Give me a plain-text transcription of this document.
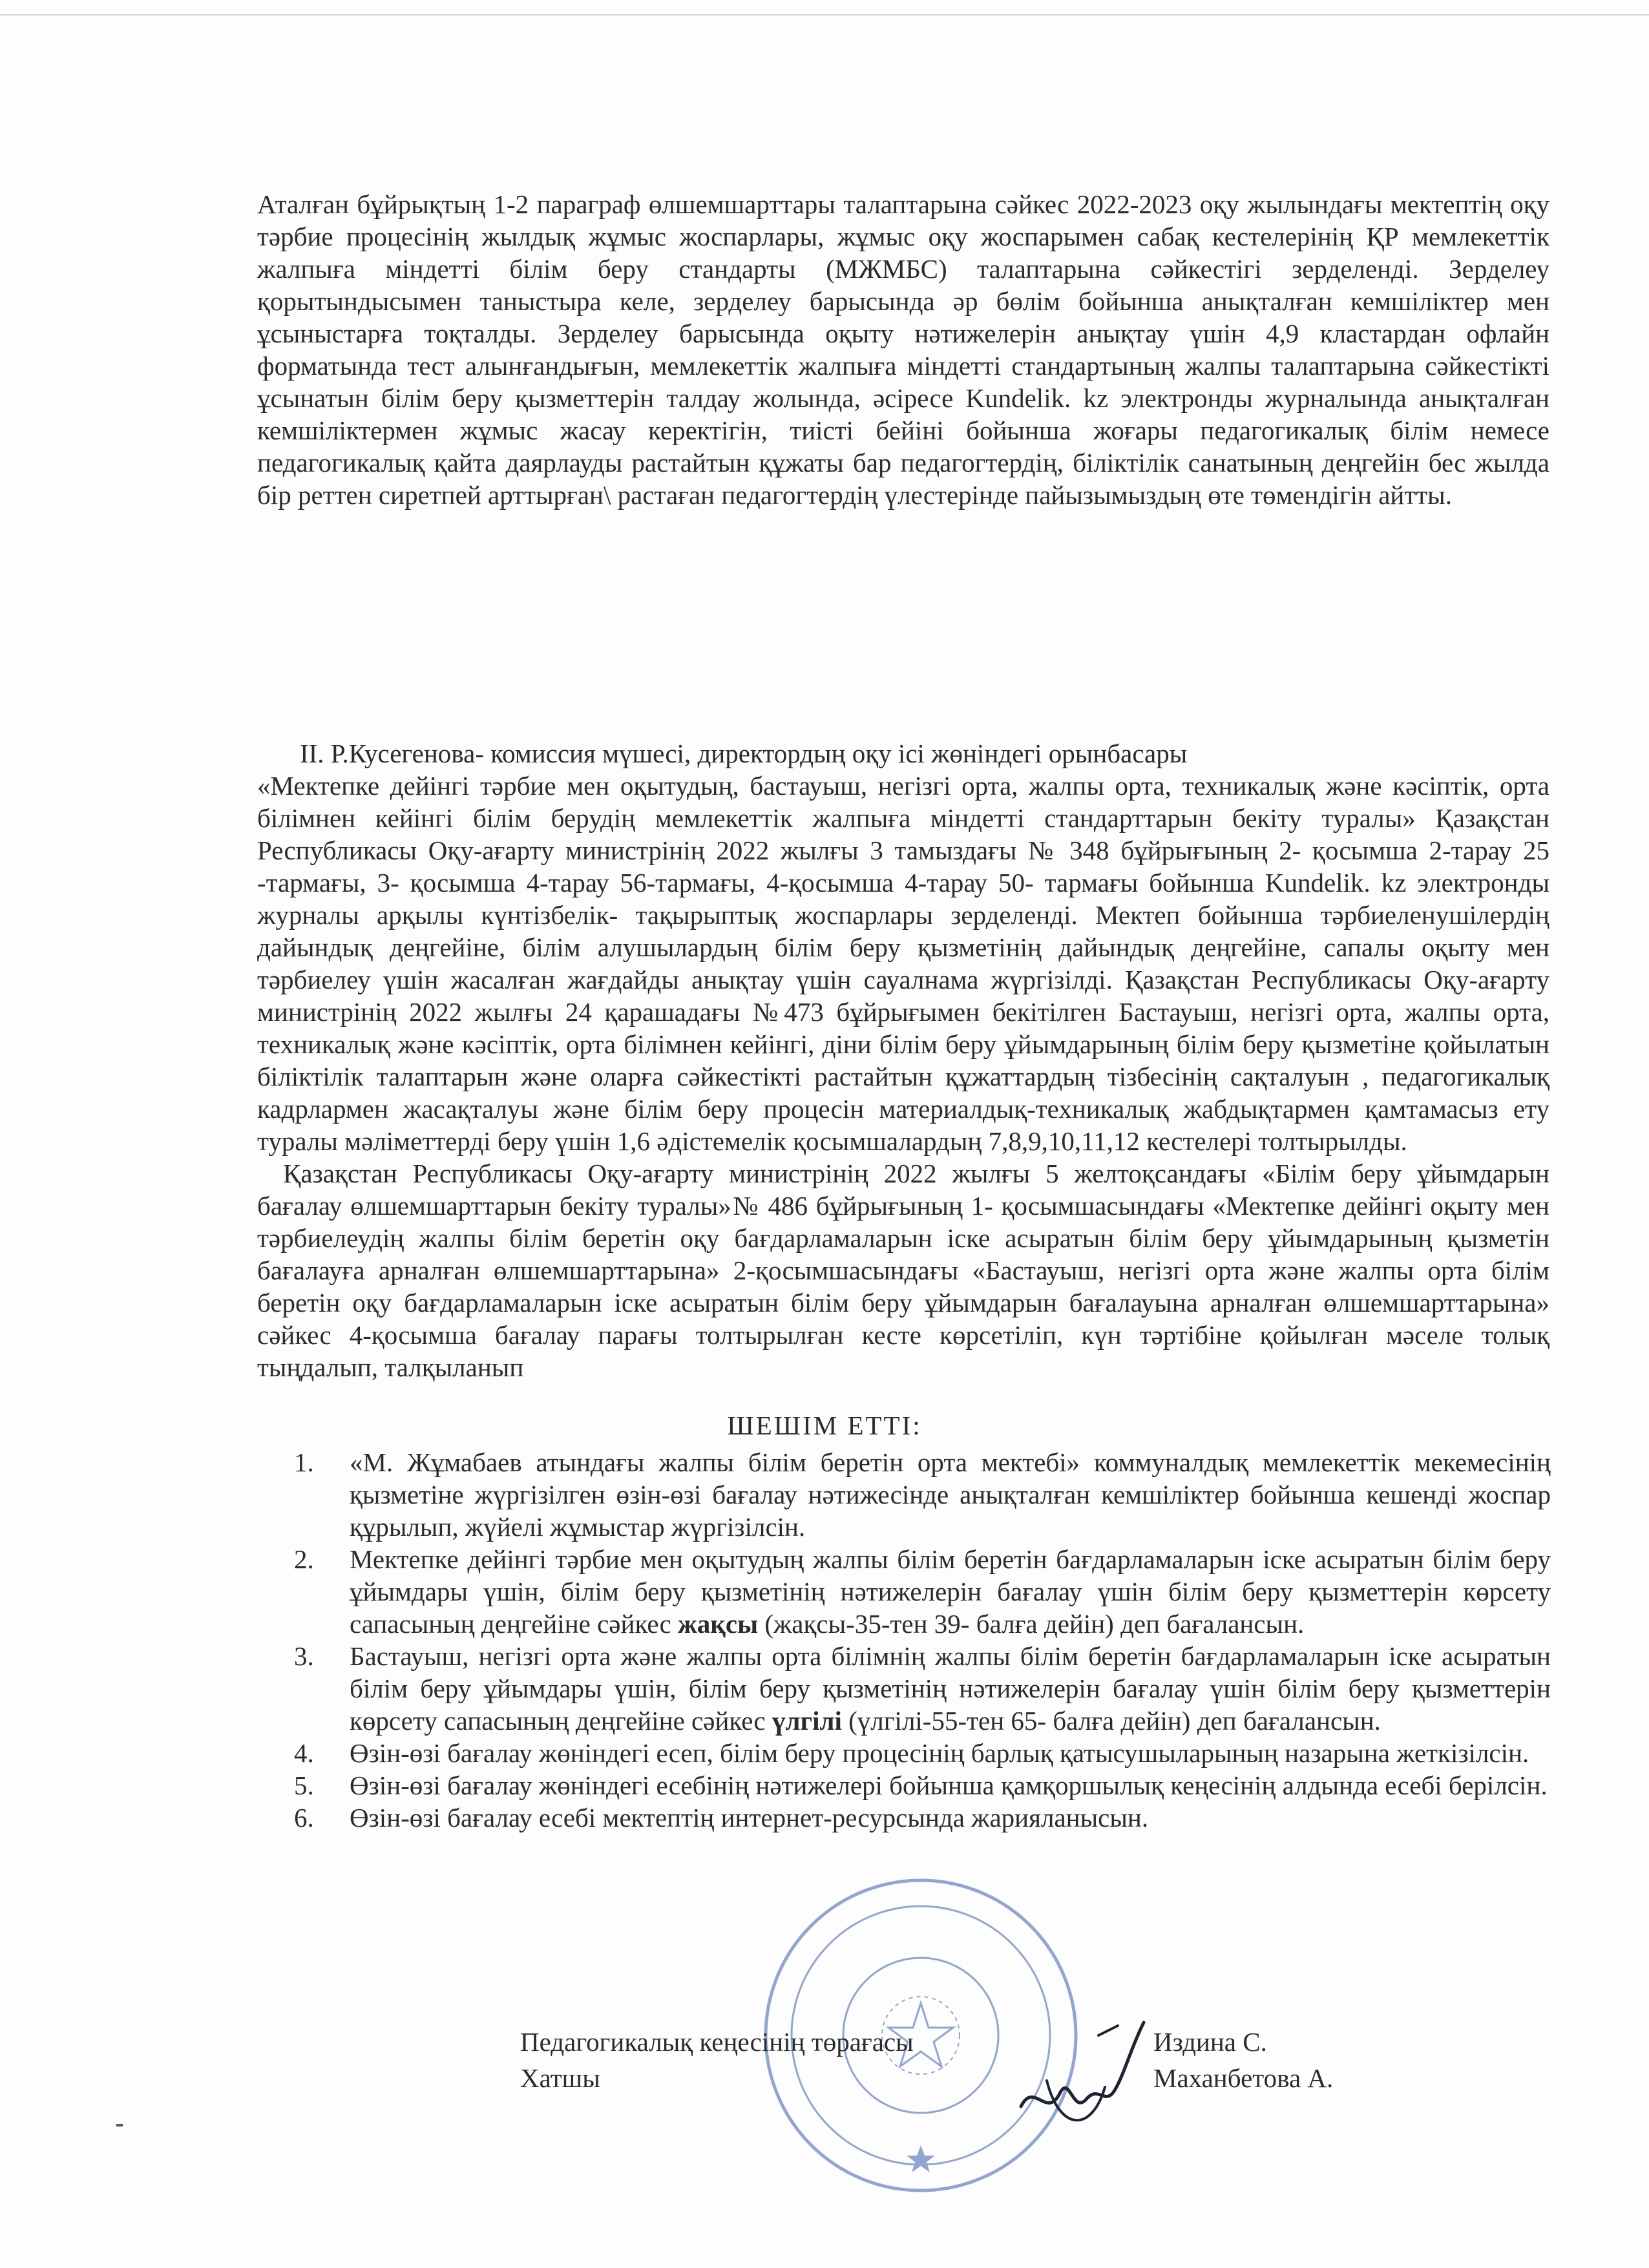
Аталған бұйрықтың 1-2 параграф өлшемшарттары талаптарына сәйкес 2022-2023 оқу жылындағы мектептің оқу тәрбие процесінің жылдық жұмыс жоспарлары, жұмыс оқу жоспарымен сабақ кестелерінің ҚР мемлекеттік жалпыға міндетті білім беру стандарты (МЖМБС) талаптарына сәйкестігі зерделенді. Зерделеу қорытындысымен таныстыра келе, зерделеу барысында әр бөлім бойынша анықталған кемшіліктер мен ұсыныстарға тоқталды. Зерделеу барысында оқыту нәтижелерін анықтау үшін 4,9 кластардан офлайн форматында тест алынғандығын, мемлекеттік жалпыға міндетті стандартының жалпы талаптарына сәйкестікті ұсынатын білім беру қызметтерін талдау жолында, әсіресе Kundelik. kz электронды журналында анықталған кемшіліктермен жұмыс жасау керектігін, тиісті бейіні бойынша жоғары педагогикалық білім немесе педагогикалық қайта даярлауды растайтын құжаты бар педагогтердің, біліктілік санатының деңгейін бес жылда бір реттен сиретпей арттырған\ растаған педагогтердің үлестерінде пайызымыздың өте төмендігін айтты.

II. Р.Кусегенова- комиссия мүшесі, директордың оқу ісі жөніндегі орынбасары

«Мектепке дейінгі тәрбие мен оқытудың, бастауыш, негізгі орта, жалпы орта, техникалық және кәсіптік, орта білімнен кейінгі білім берудің мемлекеттік жалпыға міндетті стандарттарын бекіту туралы» Қазақстан Республикасы Оқу-ағарту министрінің 2022 жылғы 3 тамыздағы № 348 бұйрығының 2- қосымша 2-тарау 25 -тармағы, 3- қосымша 4-тарау 56-тармағы, 4-қосымша 4-тарау 50- тармағы бойынша Kundelik. kz электронды журналы арқылы күнтізбелік- тақырыптық жоспарлары зерделенді. Мектеп бойынша тәрбиеленушілердің дайындық деңгейіне, білім алушылардың білім беру қызметінің дайындық деңгейіне, сапалы оқыту мен тәрбиелеу үшін жасалған жағдайды анықтау үшін сауалнама жүргізілді. Қазақстан Республикасы Оқу-ағарту министрінің 2022 жылғы 24 қарашадағы №473 бұйрығымен бекітілген Бастауыш, негізгі орта, жалпы орта, техникалық және кәсіптік, орта білімнен кейінгі, діни білім беру ұйымдарының білім беру қызметіне қойылатын біліктілік талаптарын және оларға сәйкестікті растайтын құжаттардың тізбесінің сақталуын , педагогикалық кадрлармен жасақталуы және білім беру процесін материалдық-техникалық жабдықтармен қамтамасыз ету туралы мәліметтерді беру үшін 1,6 әдістемелік қосымшалардың 7,8,9,10,11,12 кестелері толтырылды.

Қазақстан Республикасы Оқу-ағарту министрінің 2022 жылғы 5 желтоқсандағы «Білім беру ұйымдарын бағалау өлшемшарттарын бекіту туралы»№ 486 бұйрығының 1- қосымшасындағы «Мектепке дейінгі оқыту мен тәрбиелеудің жалпы білім беретін оқу бағдарламаларын іске асыратын білім беру ұйымдарының қызметін бағалауға арналған өлшемшарттарына» 2-қосымшасындағы «Бастауыш, негізгі орта және жалпы орта білім беретін оқу бағдарламаларын іске асыратын білім беру ұйымдарын бағалауына арналған өлшемшарттарына» сәйкес 4-қосымша бағалау парағы толтырылған кесте көрсетіліп, күн тәртібіне қойылған мәселе толық тыңдалып, талқыланып

ШЕШІМ ЕТТІ:
1. «М. Жұмабаев атындағы жалпы білім беретін орта мектебі» коммуналдық мемлекеттік мекемесінің қызметіне жүргізілген өзін-өзі бағалау нәтижесінде анықталған кемшіліктер бойынша кешенді жоспар құрылып, жүйелі жұмыстар жүргізілсін.
2. Мектепке дейінгі тәрбие мен оқытудың жалпы білім беретін бағдарламаларын іске асыратын білім беру ұйымдары үшін, білім беру қызметінің нәтижелерін бағалау үшін білім беру қызметтерін көрсету сапасының деңгейіне сәйкес жақсы (жақсы-35-тен 39- балға дейін) деп бағалансын.
3. Бастауыш, негізгі орта және жалпы орта білімнің жалпы білім беретін бағдарламаларын іске асыратын білім беру ұйымдары үшін, білім беру қызметінің нәтижелерін бағалау үшін білім беру қызметтерін көрсету сапасының деңгейіне сәйкес үлгілі (үлгілі-55-тен 65- балға дейін) деп бағалансын.
4. Өзін-өзі бағалау жөніндегі есеп, білім беру процесінің барлық қатысушыларының назарына жеткізілсін.
5. Өзін-өзі бағалау жөніндегі есебінің нәтижелері бойынша қамқоршылық кеңесінің алдында есебі берілсін.
6. Өзін-өзі бағалау есебі мектептің интернет-ресурсында жарияланысын.
Педагогикалық кеңесінің төрағасы	Издина С.
Хатшы	Маханбетова А.
